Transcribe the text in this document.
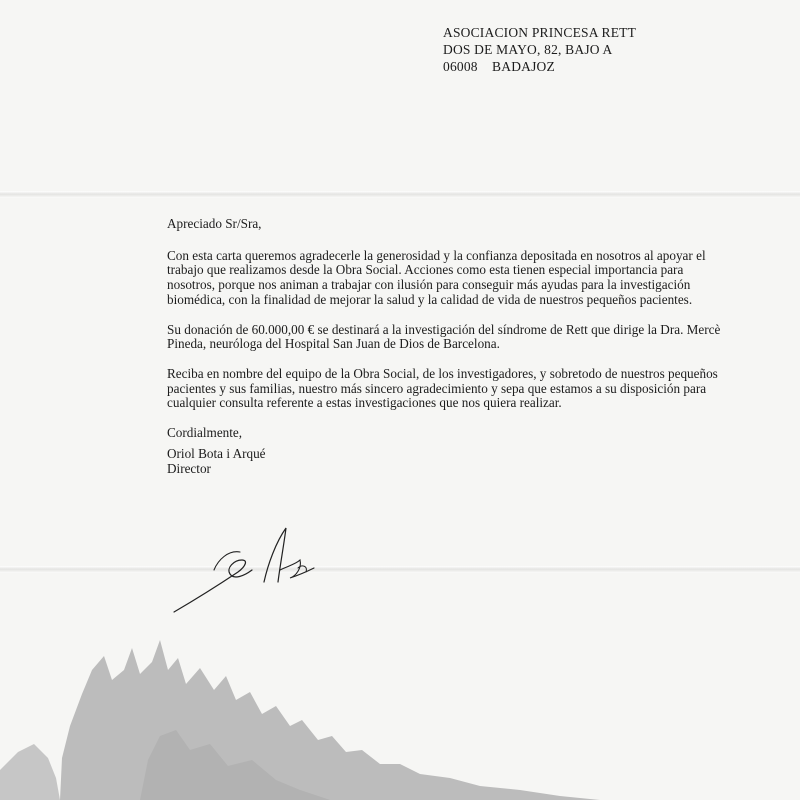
ASOCIACION PRINCESA RETT
DOS DE MAYO, 82, BAJO A
06008    BADAJOZ

Apreciado Sr/Sra,

Con esta carta queremos agradecerle la generosidad y la confianza depositada en nosotros al apoyar el trabajo que realizamos desde la Obra Social. Acciones como esta tienen especial importancia para nosotros, porque nos animan a trabajar con ilusión para conseguir más ayudas para la investigación biomédica, con la finalidad de mejorar la salud y la calidad de vida de nuestros pequeños pacientes.

Su donación de 60.000,00 € se destinará a la investigación del síndrome de Rett que dirige la Dra. Mercè Pineda, neuróloga del Hospital San Juan de Dios de Barcelona.

Reciba en nombre del equipo de la Obra Social, de los investigadores, y sobretodo de nuestros pequeños pacientes y sus familias, nuestro más sincero agradecimiento y sepa que estamos a su disposición para cualquier consulta referente a estas investigaciones que nos quiera realizar.

Cordialmente,

Oriol Bota i Arqué
Director
